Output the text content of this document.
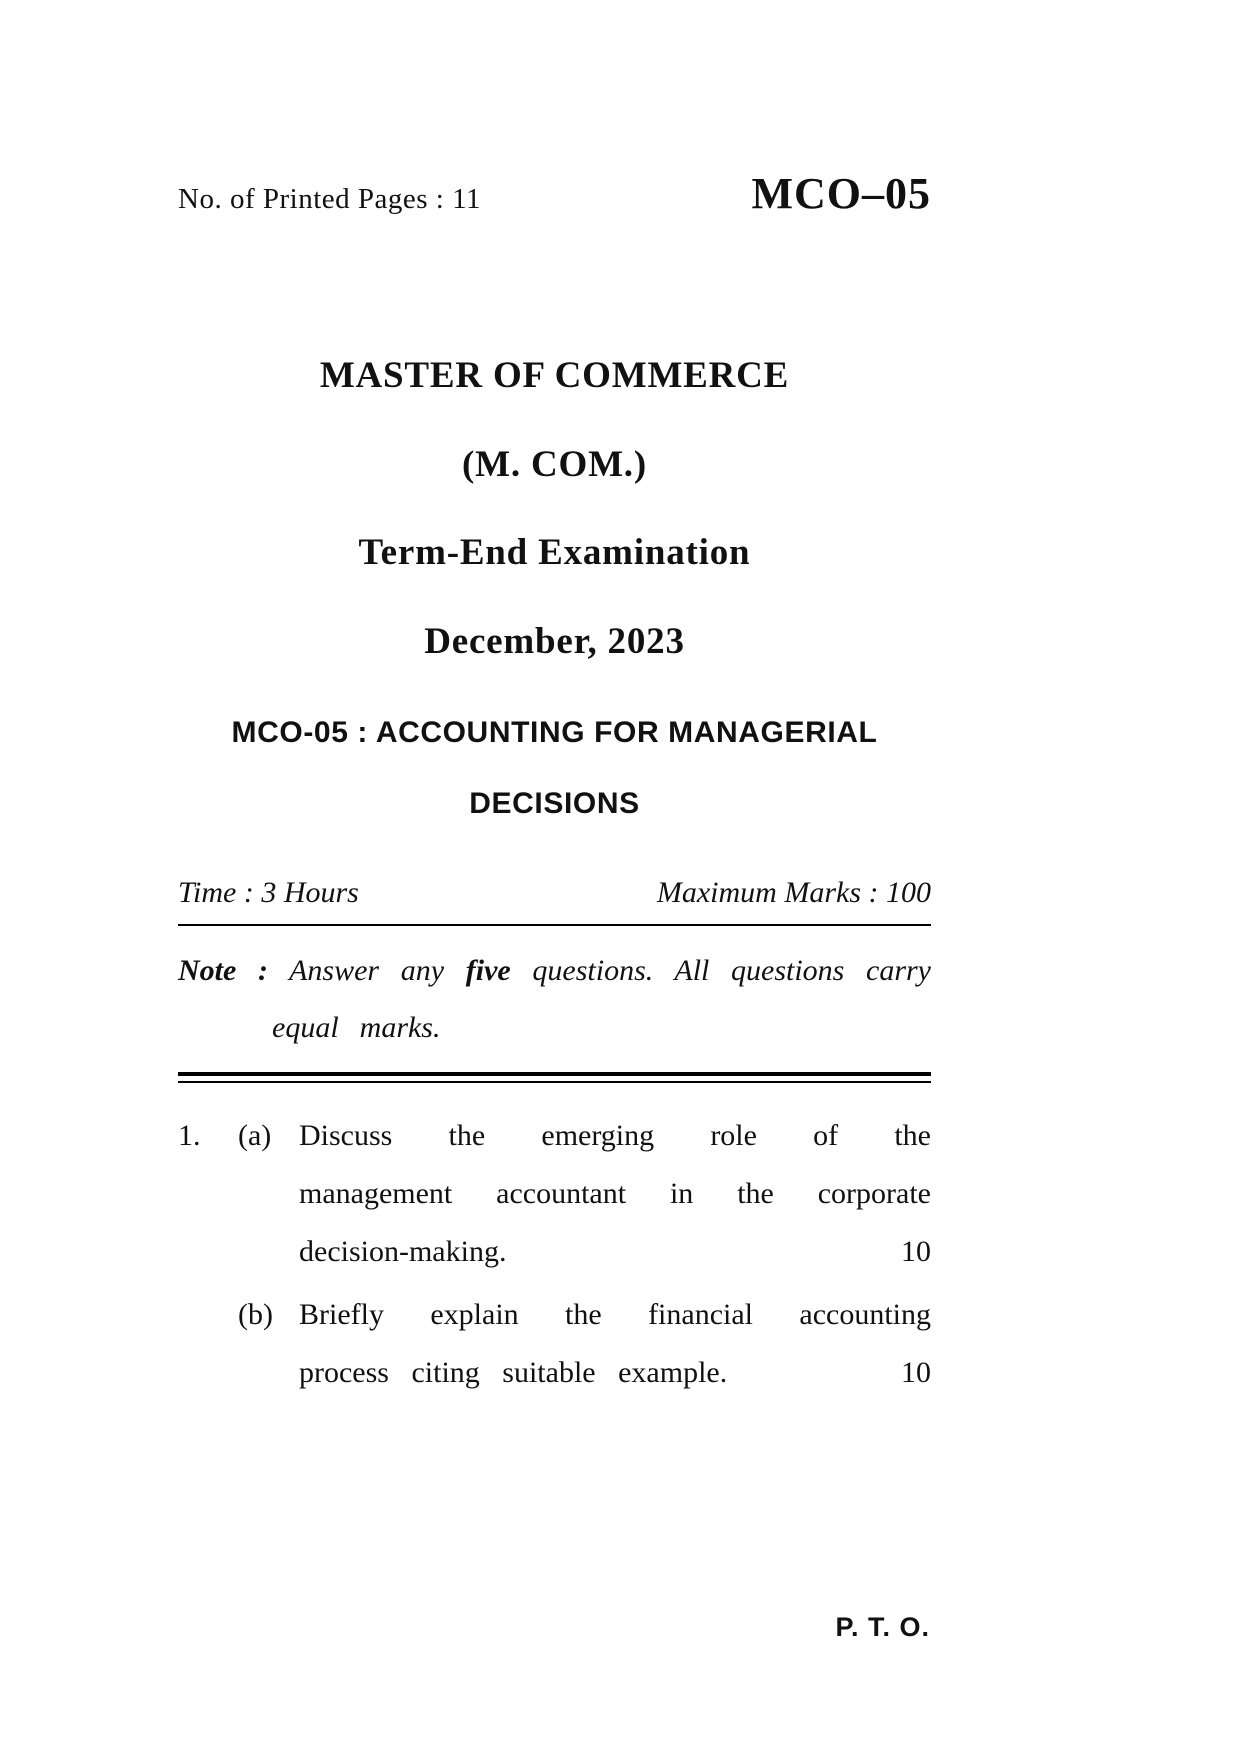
No. of Printed Pages : 11	MCO–05
MASTER OF COMMERCE
(M. COM.)
Term-End Examination
December, 2023
MCO-05 : ACCOUNTING FOR MANAGERIAL
DECISIONS
Time : 3 Hours	Maximum Marks : 100
Note : Answer any five questions. All questions carry equal marks.
1.	(a) Discuss the emerging role of the management accountant in the corporate decision-making.	10
(b) Briefly explain the financial accounting process citing suitable example.	10
P. T. O.
